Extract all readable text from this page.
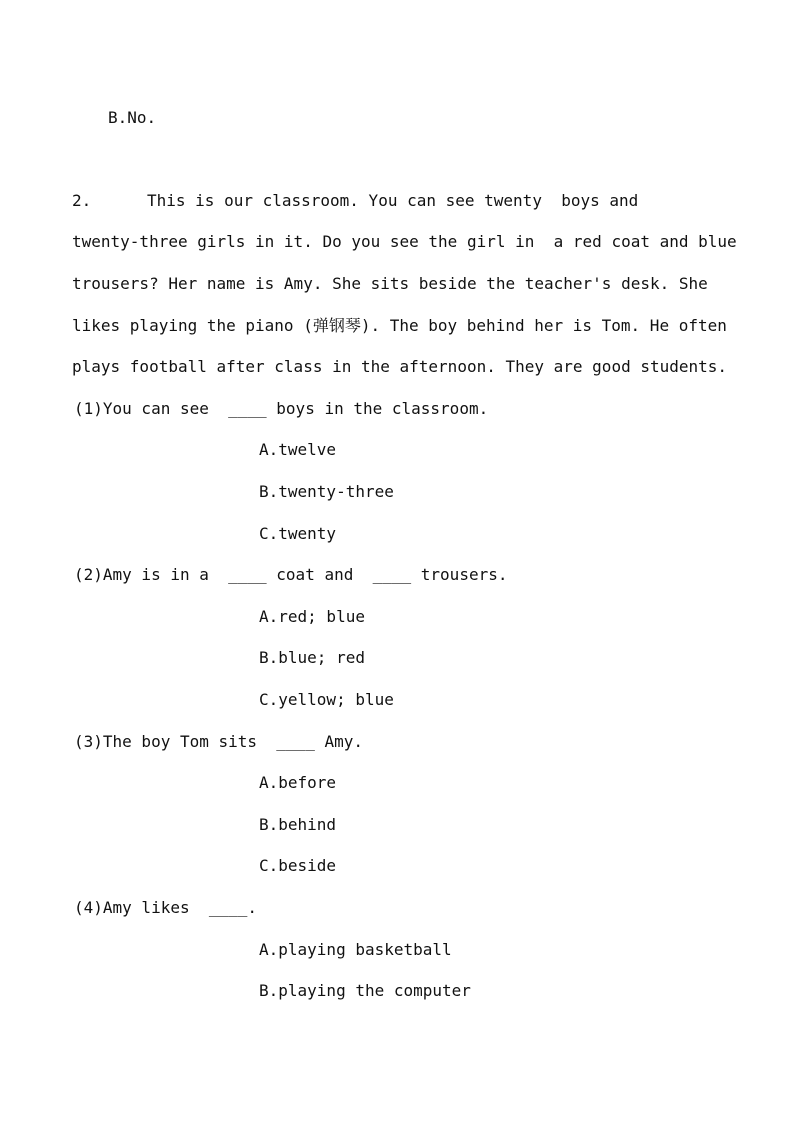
B.No.

2.	This is our classroom. You can see twenty  boys and

twenty-three girls in it. Do you see the girl in  a red coat and blue

trousers? Her name is Amy. She sits beside the teacher's desk. She

likes playing the piano (弹钢琴). The boy behind her is Tom. He often

plays football after class in the afternoon. They are good students.

(1)You can see  ____ boys in the classroom.

A.twelve

B.twenty-three

C.twenty

(2)Amy is in a  ____ coat and  ____ trousers.

A.red; blue

B.blue; red

C.yellow; blue

(3)The boy Tom sits  ____ Amy.

A.before

B.behind

C.beside

(4)Amy likes  ____.

A.playing basketball

B.playing the computer
